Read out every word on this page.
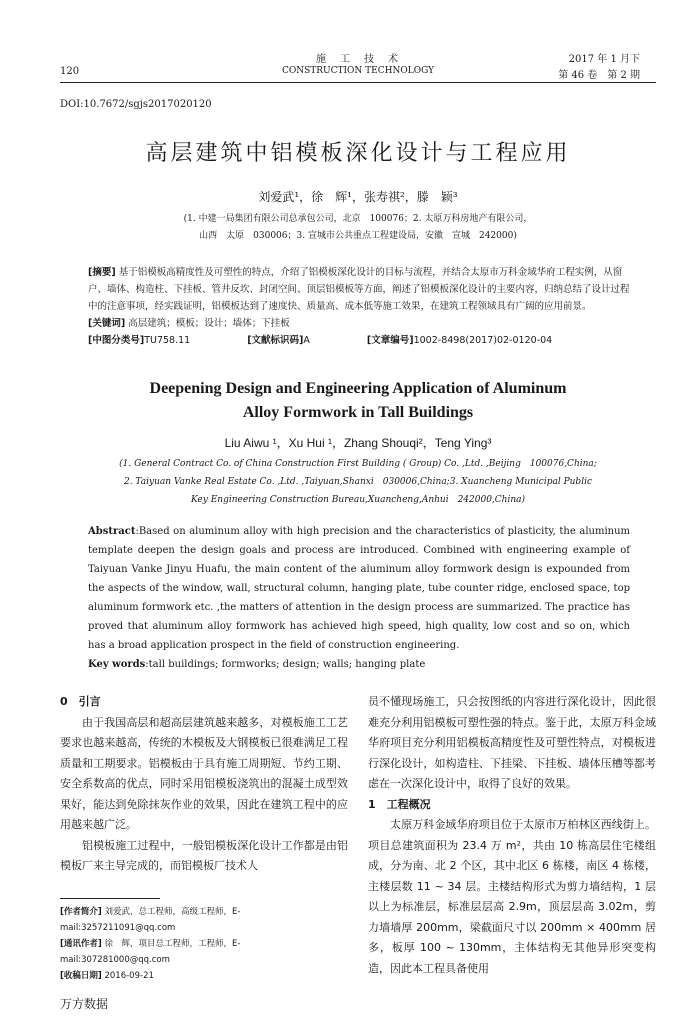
120
施　工　技　术
CONSTRUCTION TECHNOLOGY
2017 年 1 月下
第 46 卷　第 2 期
DOI:10.7672/sgjs2017020120
高层建筑中铝模板深化设计与工程应用
刘爱武¹，徐　辉¹，张寿祺²，滕　颖³
(1. 中建一局集团有限公司总承包公司，北京　100076；2. 太原万科房地产有限公司，
山西　太原　030006；3. 宣城市公共重点工程建设局，安徽　宣城　242000)

[摘要] 基于铝模板高精度性及可塑性的特点，介绍了铝模板深化设计的目标与流程，并结合太原市万科金域华府工程实例，从窗户、墙体、构造柱、下挂板、管井反坎、封闭空间、顶层铝模板等方面，阐述了铝模板深化设计的主要内容，归纳总结了设计过程中的注意事项，经实践证明，铝模板达到了速度快、质量高、成本低等施工效果，在建筑工程领域具有广阔的应用前景。

[关键词] 高层建筑；模板；设计；墙体；下挂板

[中图分类号]TU758.11　　　　　　	[文献标识码]A　　　　　　	[文章编号]1002-8498(2017)02-0120-04

Deepening Design and Engineering Application of Aluminum
Alloy Formwork in Tall Buildings
Liu Aiwu ¹，Xu Hui ¹，Zhang Shouqi²，Teng Ying³
(1. General Contract Co. of China Construction First Building ( Group) Co. ,Ltd. ,Beijing　100076,China;
2. Taiyuan Vanke Real Estate Co. ,Ltd. ,Taiyuan,Shanxi　030006,China;3. Xuancheng Municipal Public
Key Engineering Construction Bureau,Xuancheng,Anhui　242000,China)

Abstract:Based on aluminum alloy with high precision and the characteristics of plasticity, the aluminum template deepen the design goals and process are introduced. Combined with engineering example of Taiyuan Vanke Jinyu Huafu, the main content of the aluminum alloy formwork design is expounded from the aspects of the window, wall, structural column, hanging plate, tube counter ridge, enclosed space, top aluminum formwork etc. ,the matters of attention in the design process are summarized. The practice has proved that aluminum alloy formwork has achieved high speed, high quality, low cost and so on, which has a broad application prospect in the field of construction engineering.

Key words:tall buildings; formworks; design; walls; hanging plate

0　引言

由于我国高层和超高层建筑越来越多，对模板施工工艺要求也越来越高，传统的木模板及大钢模板已很难满足工程质量和工期要求。铝模板由于具有施工周期短、节约工期、安全系数高的优点，同时采用铝模板浇筑出的混凝土成型效果好，能达到免除抹灰作业的效果，因此在建筑工程中的应用越来越广泛。

铝模板施工过程中，一般铝模板深化设计工作都是由铝模板厂来主导完成的，而铝模板厂技术人

[作者简介] 刘爱武，总工程师，高级工程师，E-mail:3257211091@qq.com
[通讯作者] 徐　辉，项目总工程师，工程师，E-mail:307281000@qq.com
[收稿日期] 2016-09-21

员不懂现场施工，只会按图纸的内容进行深化设计，因此很难充分利用铝模板可塑性强的特点。鉴于此，太原万科金域华府项目充分利用铝模板高精度性及可塑性特点，对模板进行深化设计，如构造柱、下挂梁、下挂板、墙体压槽等都考虑在一次深化设计中，取得了良好的效果。

1　工程概况

太原万科金域华府项目位于太原市万柏林区西线街上。项目总建筑面积为 23.4 万 m²，共由 10 栋高层住宅楼组成，分为南、北 2 个区，其中北区 6 栋楼，南区 4 栋楼，主楼层数 11 ~ 34 层。主楼结构形式为剪力墙结构，1 层以上为标准层，标准层层高 2.9m，顶层层高 3.02m，剪力墙墙厚 200mm，梁截面尺寸以 200mm × 400mm 居多，板厚 100 ~ 130mm，主体结构无其他异形突变构造，因此本工程具备使用

万方数据
